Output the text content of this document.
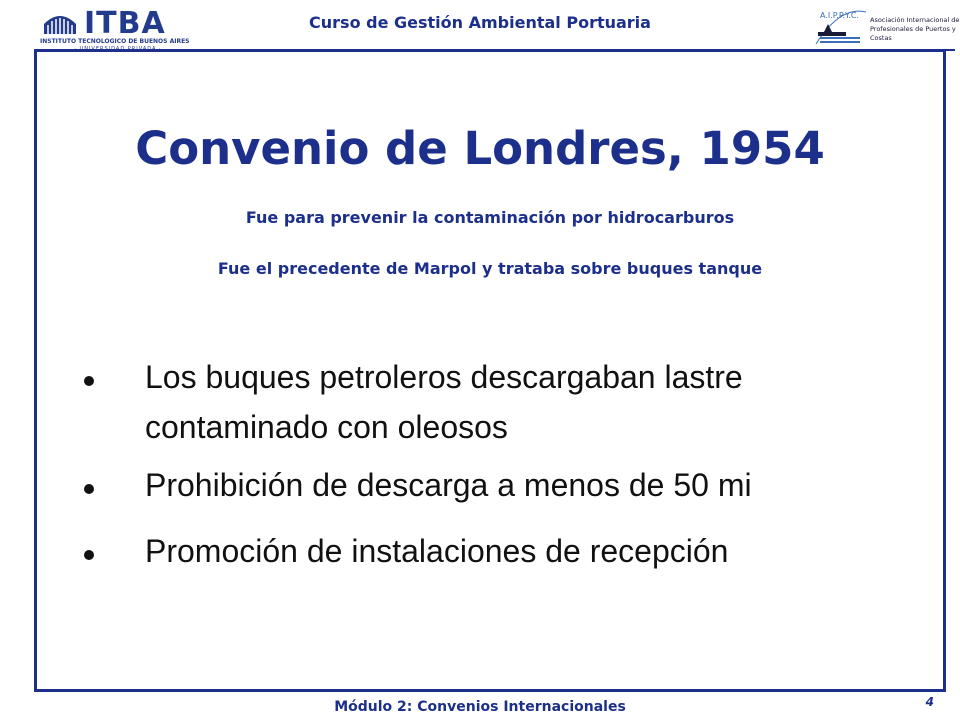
ITBA
INSTITUTO TECNOLOGICO DE BUENOS AIRES
Curso de Gestión Ambiental Portuaria	A.I.P.P.Y.C. Asociación Internacional de
Profesionales de Puertos y Costas
Convenio de Londres, 1954
Fue para prevenir la contaminación por hidrocarburos
Fue el precedente de Marpol y trataba sobre buques tanque
Los buques petroleros descargaban lastre contaminado con oleosos
Prohibición de descarga a menos de 50 mi
Promoción de instalaciones de recepción
Módulo 2: Convenios Internacionales	4
